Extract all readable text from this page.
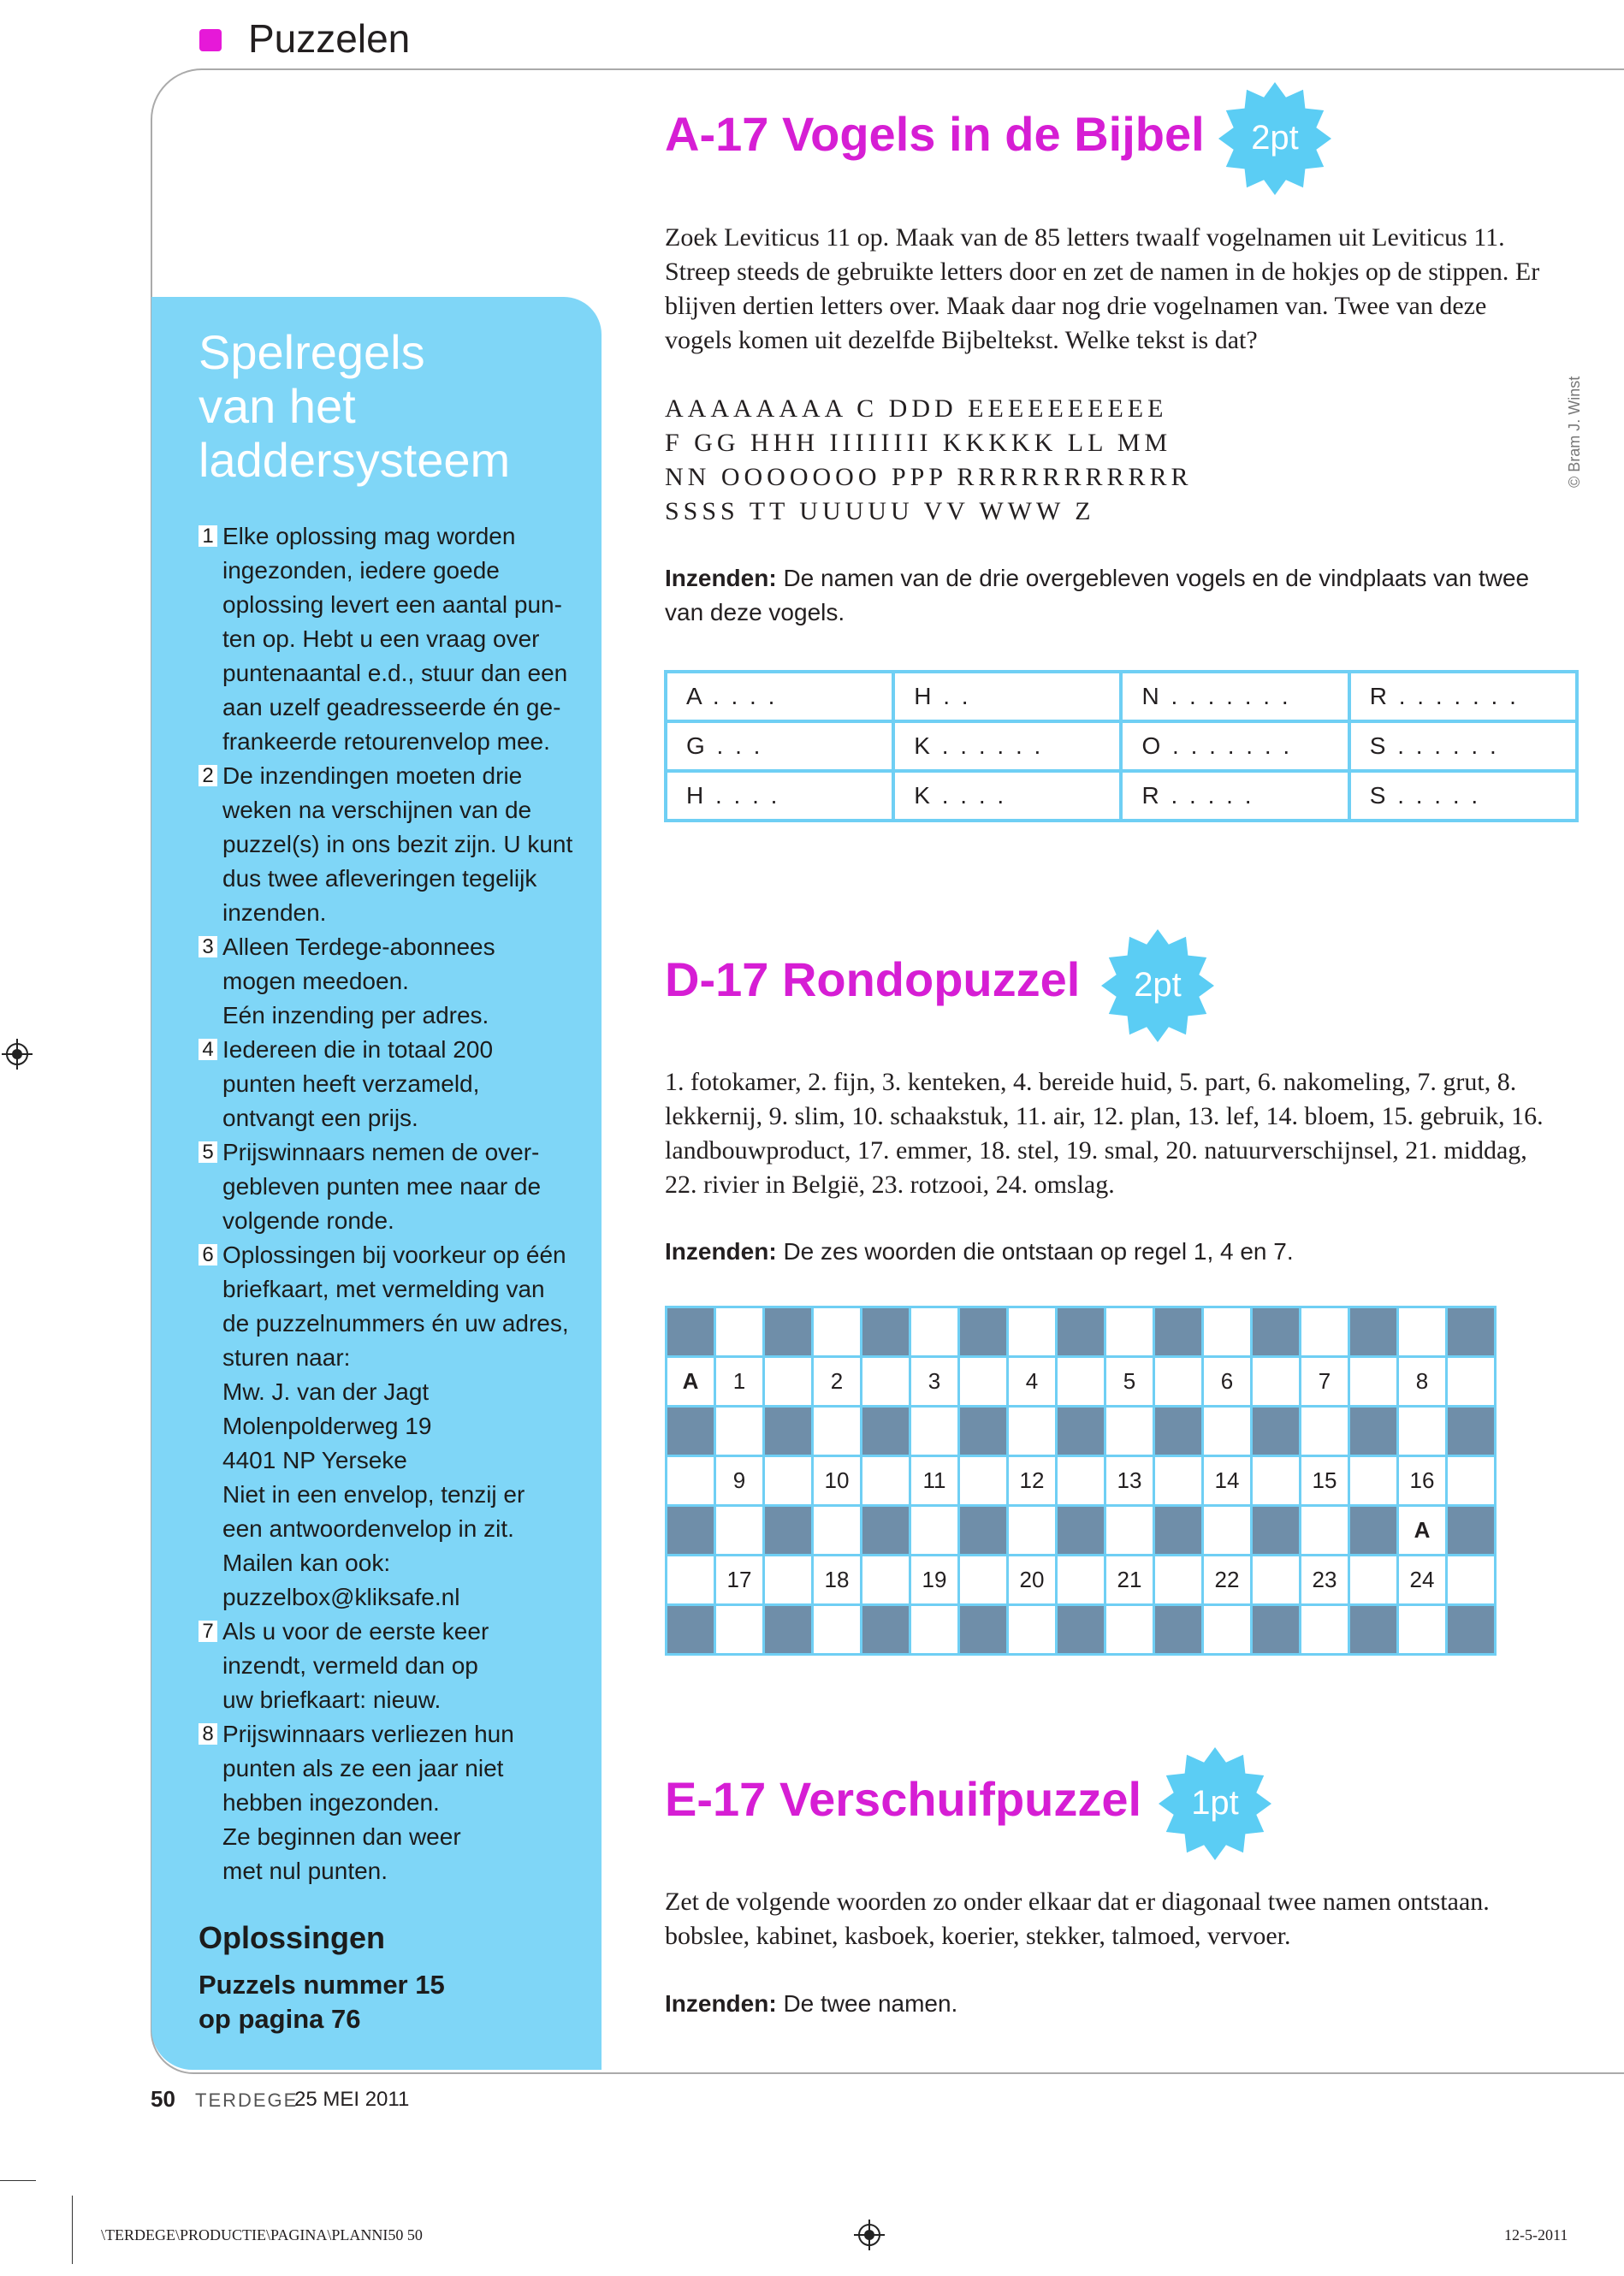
Puzzelen
Spelregels
van het
laddersysteem
1 Elke oplossing mag worden
ingezonden, iedere goede
oplossing levert een aantal pun-
ten op. Hebt u een vraag over
puntenaantal e.d., stuur dan een
aan uzelf geadresseerde én ge-
frankeerde retourenvelop mee.
2 De inzendingen moeten drie
weken na verschijnen van de
puzzel(s) in ons bezit zijn. U kunt
dus twee afleveringen tegelijk
inzenden.
3 Alleen Terdege-abonnees
mogen meedoen.
Eén inzending per adres.
4 Iedereen die in totaal 200
punten heeft verzameld,
ontvangt een prijs.
5 Prijswinnaars nemen de over-
gebleven punten mee naar de
volgende ronde.
6 Oplossingen bij voorkeur op één
briefkaart, met vermelding van
de puzzelnummers én uw adres,
sturen naar:
Mw. J. van der Jagt
Molenpolderweg 19
4401 NP Yerseke
Niet in een envelop, tenzij er
een antwoordenvelop in zit.
Mailen kan ook:
puzzelbox@kliksafe.nl
7 Als u voor de eerste keer
inzendt, vermeld dan op
uw briefkaart: nieuw.
8 Prijswinnaars verliezen hun
punten als ze een jaar niet
hebben ingezonden.
Ze beginnen dan weer
met nul punten.
Oplossingen
Puzzels nummer 15
op pagina 76
A-17 Vogels in de Bijbel 2pt
Zoek Leviticus 11 op. Maak van de 85 letters twaalf vogelnamen uit Leviticus 11. Streep steeds de gebruikte letters door en zet de namen in de hokjes op de stippen. Er blijven dertien letters over. Maak daar nog drie vogelnamen van. Twee van deze vogels komen uit dezelfde Bijbeltekst. Welke tekst is dat?
AAAAAAAA C DDD EEEEEEEEEE
F GG HHH IIIIIIII KKKKK LL MM
NN OOOOOOO PPP RRRRRRRRRRR
SSSS TT UUUUU VV WWW Z
Inzenden: De namen van de drie overgebleven vogels en de vindplaats van twee van deze vogels.
A . . . .	H . .	N . . . . . . .	R . . . . . . .
G . . .	K . . . . . .	O . . . . . . .	S . . . . . .
H . . . .	K . . . .	R . . . . .	S . . . . .
D-17 Rondopuzzel 2pt
1. fotokamer, 2. fijn, 3. kenteken, 4. bereide huid, 5. part, 6. nakomeling, 7. grut, 8. lekkernij, 9. slim, 10. schaakstuk, 11. air, 12. plan, 13. lef, 14. bloem, 15. gebruik, 16. landbouwproduct, 17. emmer, 18. stel, 19. smal, 20. natuurverschijnsel, 21. middag, 22. rivier in België, 23. rotzooi, 24. omslag.
Inzenden: De zes woorden die ontstaan op regel 1, 4 en 7.

A	1		2		3		4		5		6		7		8	

	9		10		11		12		13		14		15		16	
															A	
	17		18		19		20		21		22		23		24	

E-17 Verschuifpuzzel 1pt
Zet de volgende woorden zo onder elkaar dat er diagonaal twee namen ontstaan. bobslee, kabinet, kasboek, koerier, stekker, talmoed, vervoer.
Inzenden: De twee namen.
© Bram J. Winst
50 TERDEGE
25 MEI 2011
\TERDEGE\PRODUCTIE\PAGINA\PLANNI50 50	12-5-2011
